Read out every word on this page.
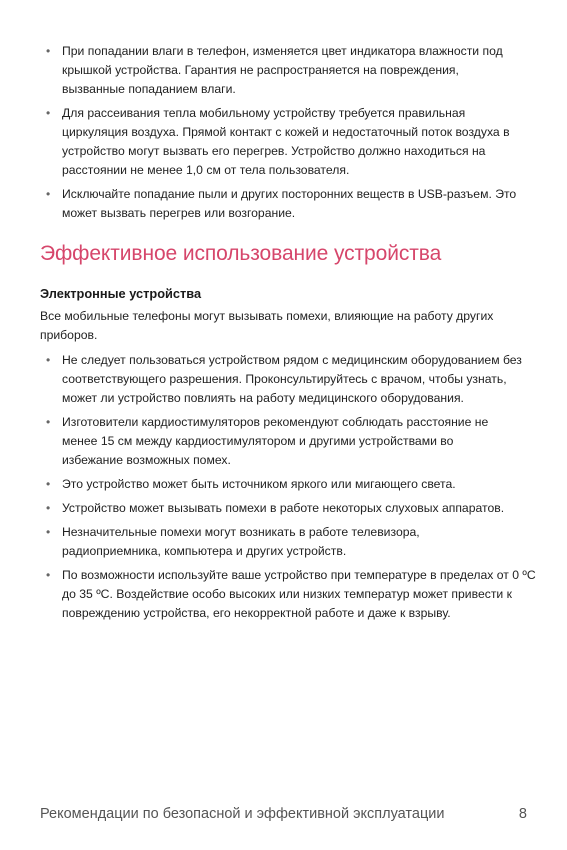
• При попадании влаги в телефон, изменяется цвет индикатора влажности под крышкой устройства. Гарантия не распространяется на повреждения, вызванные попаданием влаги.
• Для рассеивания тепла мобильному устройству требуется правильная циркуляция воздуха. Прямой контакт с кожей и недостаточный поток воздуха в устройство могут вызвать его перегрев. Устройство должно находиться на расстоянии не менее 1,0 см от тела пользователя.
• Исключайте попадание пыли и других посторонних веществ в USB-разъем. Это может вызвать перегрев или возгорание.
Эффективное использование устройства
Электронные устройства

Все мобильные телефоны могут вызывать помехи, влияющие на работу других приборов.

• Не следует пользоваться устройством рядом с медицинским оборудованием без соответствующего разрешения. Проконсультируйтесь с врачом, чтобы узнать, может ли устройство повлиять на работу медицинского оборудования.
• Изготовители кардиостимуляторов рекомендуют соблюдать расстояние не менее 15 см между кардиостимулятором и другими устройствами во избежание возможных помех.
• Это устройство может быть источником яркого или мигающего света.
• Устройство может вызывать помехи в работе некоторых слуховых аппаратов.
• Незначительные помехи могут возникать в работе телевизора, радиоприемника, компьютера и других устройств.
• По возможности используйте ваше устройство при температуре в пределах от 0 ºC до 35 ºC. Воздействие особо высоких или низких температур может привести к повреждению устройства, его некорректной работе и даже к взрыву.
Рекомендации по безопасной и эффективной эксплуатации	8
